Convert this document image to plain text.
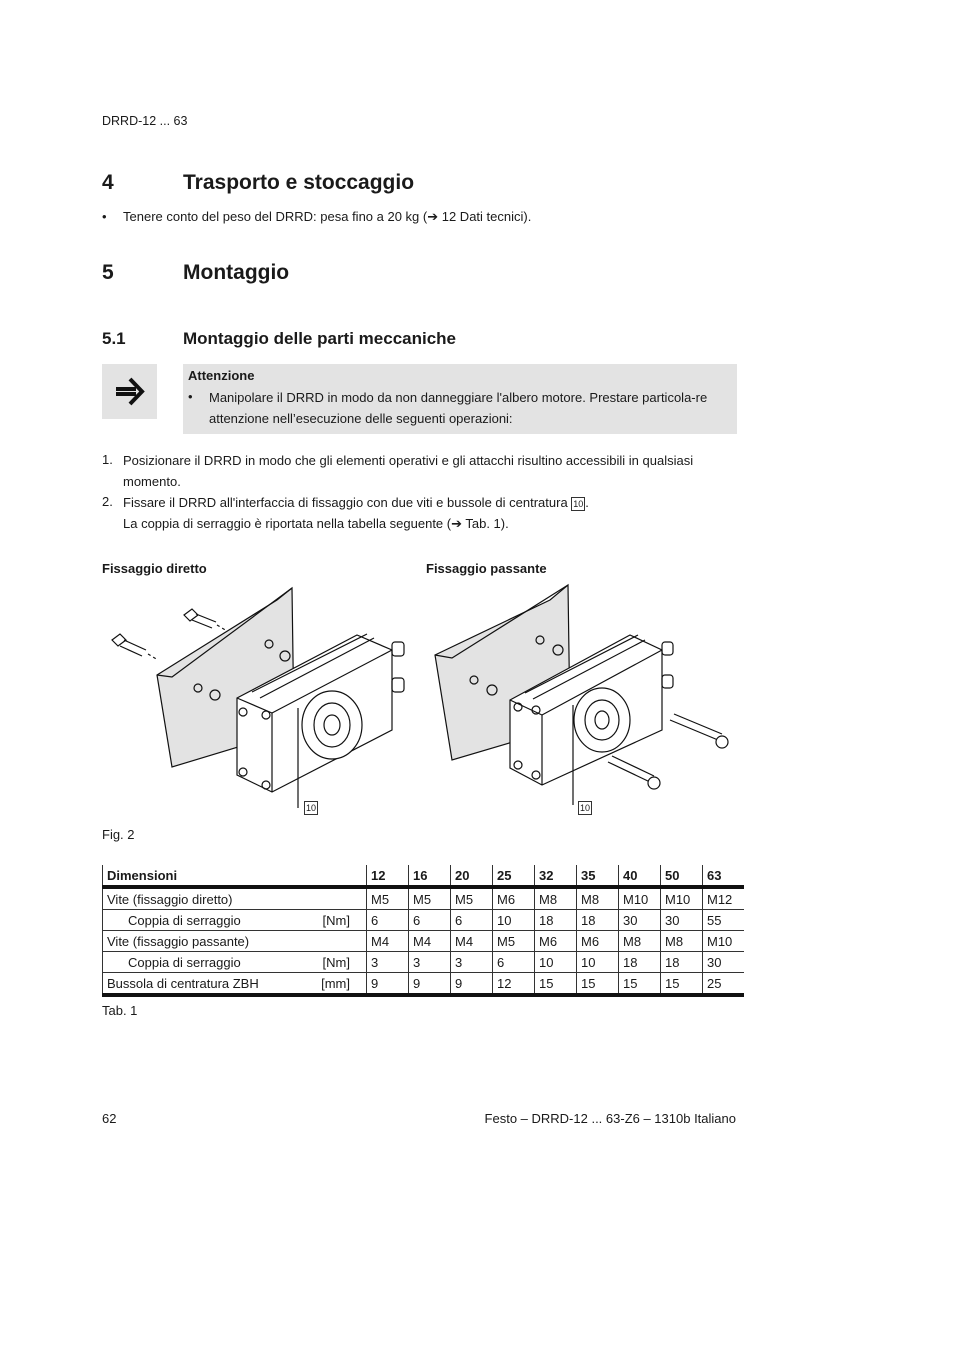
DRRD-12 ... 63
4	Trasporto e stoccaggio
• Tenere conto del peso del DRRD: pesa fino a 20 kg (➔ 12 Dati tecnici).
5	Montaggio
5.1	Montaggio delle parti meccaniche
Attenzione
• Manipolare il DRRD in modo da non danneggiare l'albero motore. Prestare particola-re attenzione nell’esecuzione delle seguenti operazioni:
1. Posizionare il DRRD in modo che gli elementi operativi e gli attacchi risultino accessibili in qualsiasi momento.
2. Fissare il DRRD all'interfaccia di fissaggio con due viti e bussole di centratura 10 .
La coppia di serraggio è riportata nella tabella seguente (➔ Tab. 1).
Fissaggio diretto	Fissaggio passante
10	10
Fig. 2
Dimensioni		12	16	20	25	32	35	40	50	63
Vite (fissaggio diretto)		M5	M5	M5	M6	M8	M8	M10	M10	M12
Coppia di serraggio	[Nm]	6	6	6	10	18	18	30	30	55
Vite (fissaggio passante)		M4	M4	M4	M5	M6	M6	M8	M8	M10
Coppia di serraggio	[Nm]	3	3	3	6	10	10	18	18	30
Bussola di centratura ZBH	[mm]	9	9	9	12	15	15	15	15	25
Tab. 1
62	Festo – DRRD-12 ... 63-Z6 – 1310b Italiano
